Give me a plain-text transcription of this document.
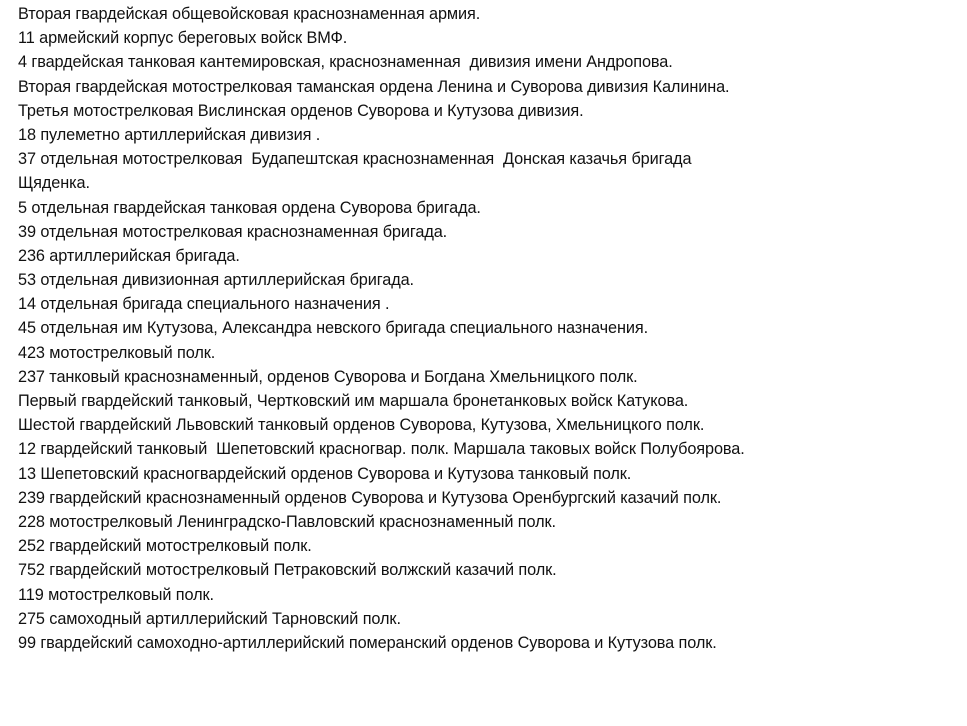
Вторая гвардейская общевойсковая краснознаменная армия.
11 армейский корпус береговых войск ВМФ.
4 гвардейская танковая кантемировская, краснознаменная  дивизия имени Андропова.
Вторая гвардейская мотострелковая таманская ордена Ленина и Суворова дивизия Калинина.
Третья мотострелковая Вислинская орденов Суворова и Кутузова дивизия.
18 пулеметно артиллерийская дивизия .
37 отдельная мотострелковая  Будапештская краснознаменная  Донская казачья бригада
Щяденка.
5 отдельная гвардейская танковая ордена Суворова бригада.
39 отдельная мотострелковая краснознаменная бригада.
236 артиллерийская бригада.
53 отдельная дивизионная артиллерийская бригада.
14 отдельная бригада специального назначения .
45 отдельная им Кутузова, Александра невского бригада специального назначения.
423 мотострелковый полк.
237 танковый краснознаменный, орденов Суворова и Богдана Хмельницкого полк.
Первый гвардейский танковый, Чертковский им маршала бронетанковых войск Катукова.
Шестой гвардейский Львовский танковый орденов Суворова, Кутузова, Хмельницкого полк.
12 гвардейский танковый  Шепетовский красногвар. полк. Маршала таковых войск Полубоярова.
13 Шепетовский красногвардейский орденов Суворова и Кутузова танковый полк.
239 гвардейский краснознаменный орденов Суворова и Кутузова Оренбургский казачий полк.
228 мотострелковый Ленинградско-Павловский краснознаменный полк.
252 гвардейский мотострелковый полк.
752 гвардейский мотострелковый Петраковский волжский казачий полк.
119 мотострелковый полк.
275 самоходный артиллерийский Тарновский полк.
99 гвардейский самоходно-артиллерийский померанский орденов Суворова и Кутузова полк.
